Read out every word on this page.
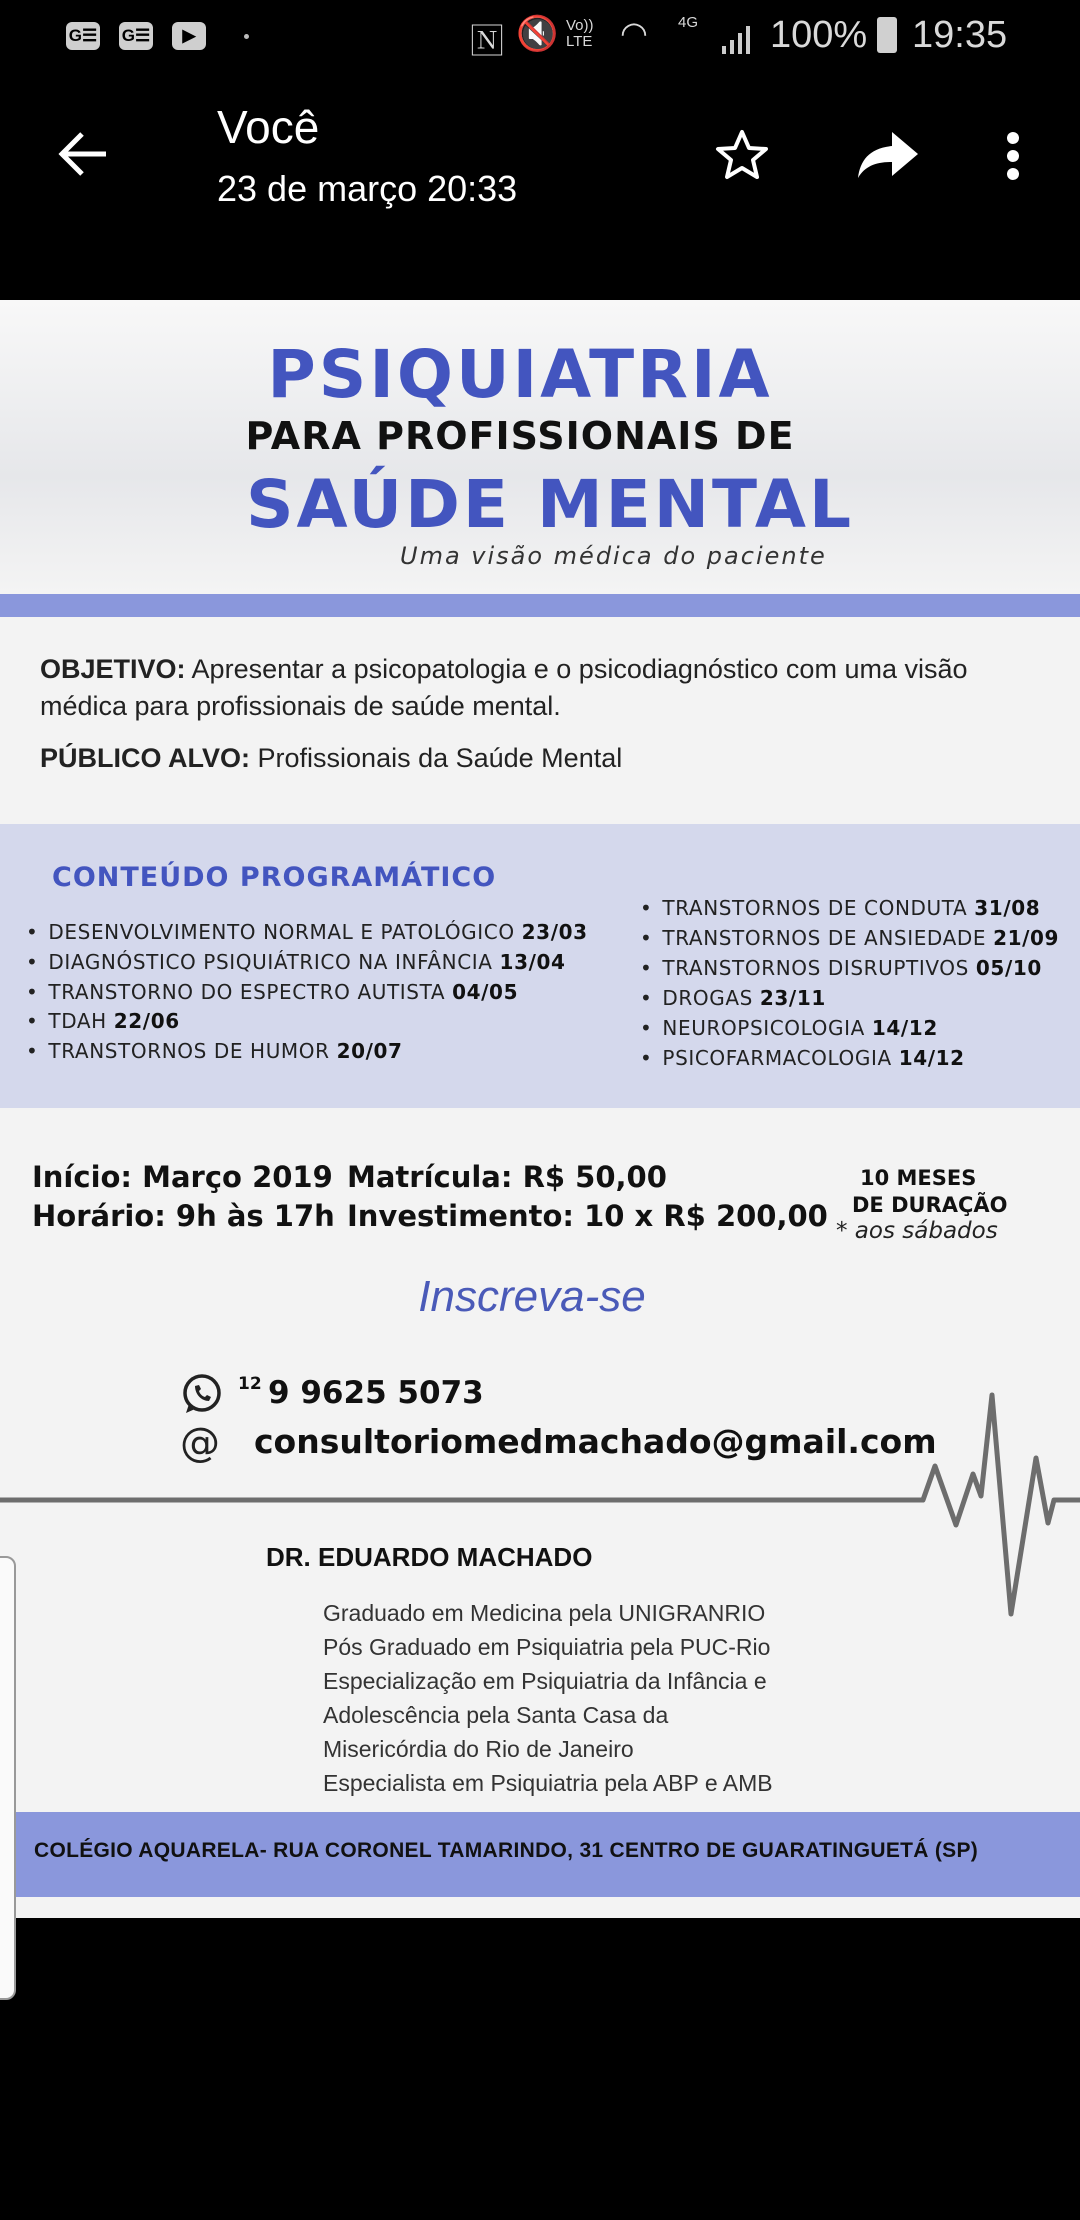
G☰ G☰	▶	🄽 🔇 Vo)) LTE ◠ 4G 100% 19:35
Você
23 de março 20:33
PSIQUIATRIA
PARA PROFISSIONAIS DE
SAÚDE MENTAL
Uma visão médica do paciente
OBJETIVO: Apresentar a psicopatologia e o psicodiagnóstico com uma visão
médica para profissionais de saúde mental.
PÚBLICO ALVO: Profissionais da Saúde Mental
CONTEÚDO PROGRAMÁTICO
• DESENVOLVIMENTO NORMAL E PATOLÓGICO 23/03
• DIAGNÓSTICO PSIQUIÁTRICO NA INFÂNCIA 13/04
• TRANSTORNO DO ESPECTRO AUTISTA 04/05
• TDAH 22/06
• TRANSTORNOS DE HUMOR 20/07
• TRANSTORNOS DE CONDUTA 31/08
• TRANSTORNOS DE ANSIEDADE 21/09
• TRANSTORNOS DISRUPTIVOS 05/10
• DROGAS 23/11
• NEUROPSICOLOGIA 14/12
• PSICOFARMACOLOGIA 14/12
Início: Março 2019
Horário: 9h às 17h
Matrícula: R$ 50,00
Investimento: 10 x R$ 200,00
10 MESES
DE DURAÇÃO
* aos sábados
Inscreva-se
12 9 9625 5073
@ consultoriomedmachado@gmail.com
DR. EDUARDO MACHADO
Graduado em Medicina pela UNIGRANRIO
Pós Graduado em Psiquiatria pela PUC-Rio
Especialização em Psiquiatria da Infância e
Adolescência pela Santa Casa da
Misericórdia do Rio de Janeiro
Especialista em Psiquiatria pela ABP e AMB
COLÉGIO AQUARELA- RUA CORONEL TAMARINDO, 31 CENTRO DE GUARATINGUETÁ (SP)
